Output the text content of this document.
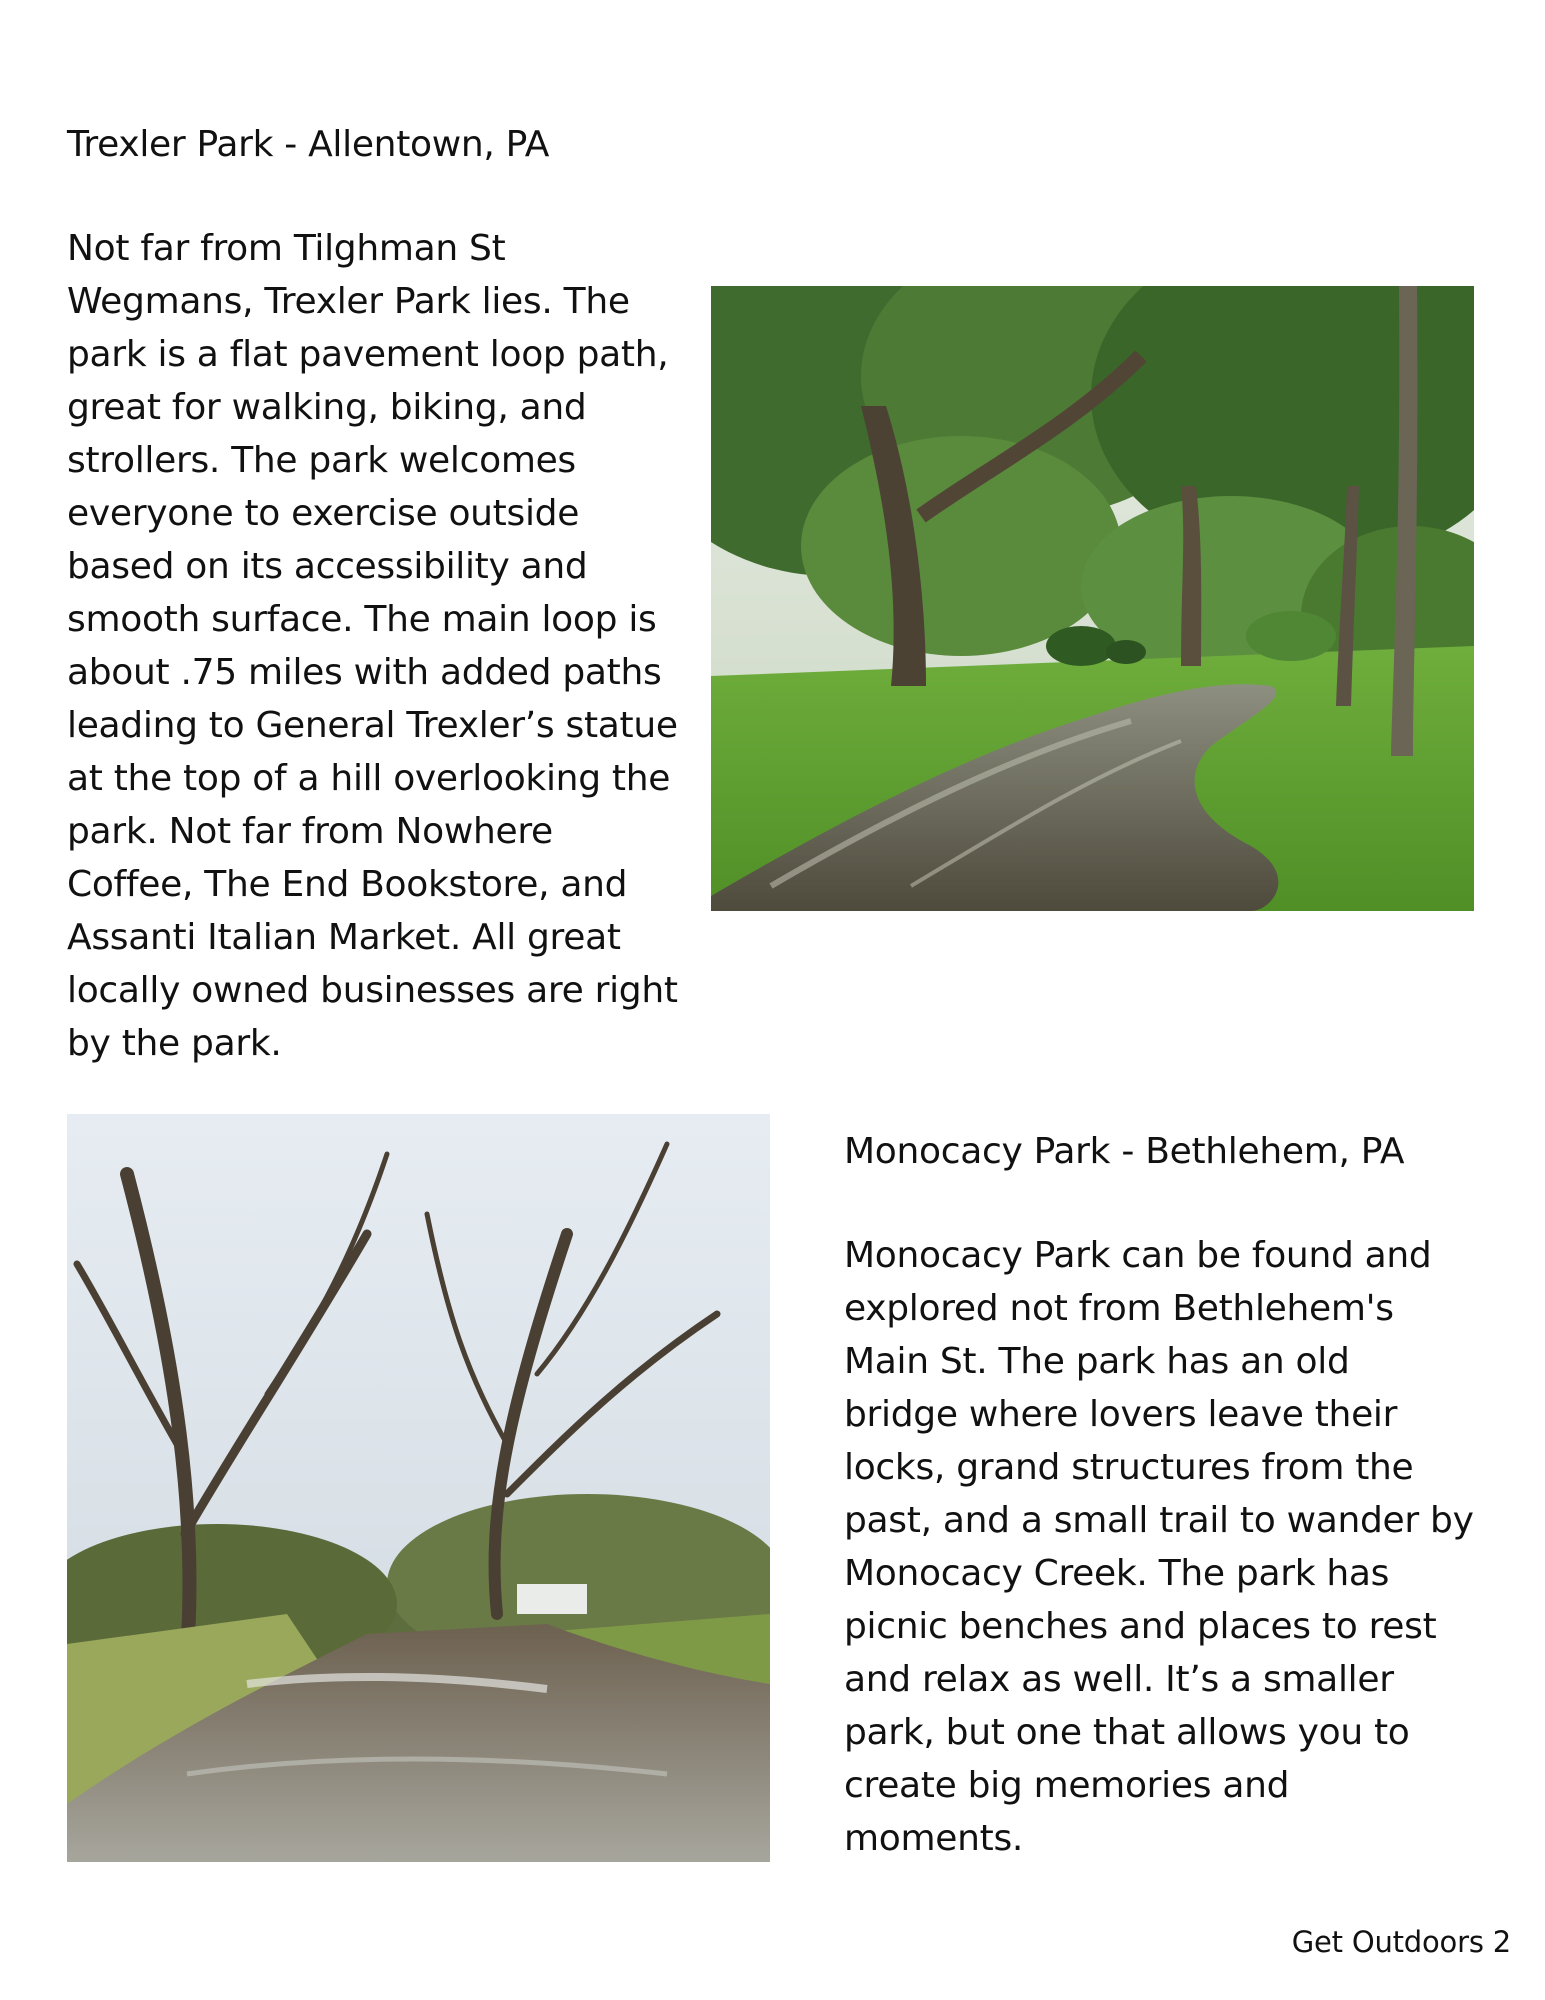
Trexler Park - Allentown, PA
Not far from Tilghman St Wegmans, Trexler Park lies. The park is a flat pavement loop path, great for walking, biking, and strollers. The park welcomes everyone to exercise outside based on its accessibility and smooth surface. The main loop is about .75 miles with added paths leading to General Trexler’s statue at the top of a hill overlooking the park. Not far from Nowhere Coffee, The End Bookstore, and Assanti Italian Market. All great locally owned businesses are right by the park.
Monocacy Park - Bethlehem, PA
Monocacy Park can be found and explored not from Bethlehem's Main St. The park has an old bridge where lovers leave their locks, grand structures from the past, and a small trail to wander by Monocacy Creek. The park has picnic benches and places to rest and relax as well. It’s a smaller park, but one that allows you to create big memories and moments.
Get Outdoors 2
